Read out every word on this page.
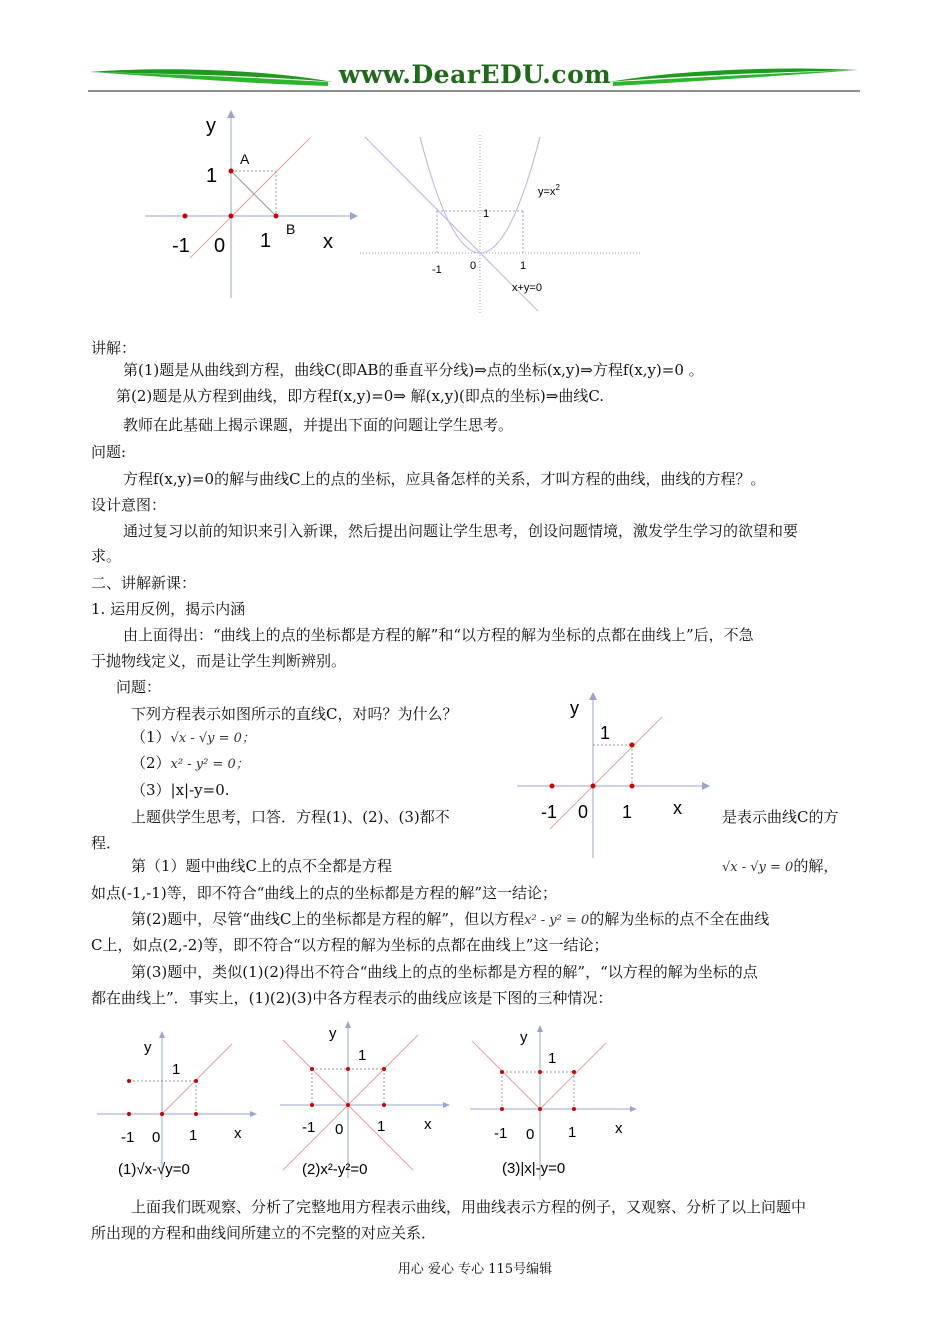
www.DearEDU.com
y
1
A
B
-1 0 1	x
$y=x^2$
1
-1	0	1
x+y=0
讲解：
第(1)题是从曲线到方程，曲线C(即AB的垂直平分线)⇒点的坐标(x,y)⇒方程f(x,y)=0 。
第(2)题是从方程到曲线，即方程f(x,y)=0⇒ 解(x,y)(即点的坐标)⇒曲线C.
教师在此基础上揭示课题，并提出下面的问题让学生思考。
问题:
方程f(x,y)=0的解与曲线C上的点的坐标，应具备怎样的关系，才叫方程的曲线，曲线的方程？。
设计意图：
通过复习以前的知识来引入新课，然后提出问题让学生思考，创设问题情境，激发学生学习的欲望和要
求。
二、讲解新课：
1. 运用反例，揭示内涵
由上面得出：“曲线上的点的坐标都是方程的解”和“以方程的解为坐标的点都在曲线上”后，不急
于抛物线定义，而是让学生判断辨别。
问题：
下列方程表示如图所示的直线C，对吗？为什么？
（1）√x - √y = 0；
（2）x² - y² = 0；
（3）|x|-y=0.
上题供学生思考，口答．方程(1)、(2)、(3)都不	是表示曲线C的方
程．
y
1
-1 0 1 x
第（1）题中曲线C上的点不全都是方程	√x - √y = 0的解，
如点(-1,-1)等，即不符合“曲线上的点的坐标都是方程的解”这一结论；
第(2)题中，尽管“曲线C上的坐标都是方程的解”，但以方程x² - y² = 0的解为坐标的点不全在曲线
C上，如点(2,-2)等，即不符合“以方程的解为坐标的点都在曲线上”这一结论；
第(3)题中，类似(1)(2)得出不符合“曲线上的点的坐标都是方程的解”，“以方程的解为坐标的点
都在曲线上”．事实上，(1)(2)(3)中各方程表示的曲线应该是下图的三种情况：
y
1
-1 0 1 x
(1)√x-√y=0
y
1
-1 0 1	x
(2)x²-y²=0
y
1
-1 0 1	x
(3)|x|-y=0
上面我们既观察、分析了完整地用方程表示曲线，用曲线表示方程的例子，又观察、分析了以上问题中
所出现的方程和曲线间所建立的不完整的对应关系．
用心 爱心 专心 115号编辑
